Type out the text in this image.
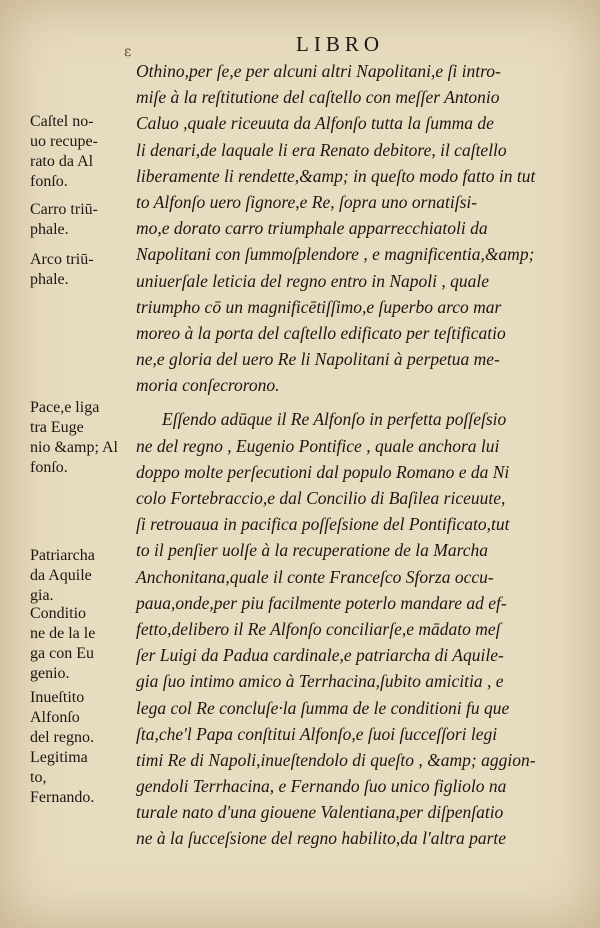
ε	LIBRO
Othino,per ſe,e per alcuni altri Napolitani,e ſi intro-
miſe à la reſtitutione del caſtello con meſſer Antonio
Caluo ,quale riceuuta da Alfonſo tutta la ſumma de
li denari,de laquale li era Renato debitore, il caſtello
liberamente li rendette,&amp; in queſto modo fatto in tut
to Alfonſo uero ſignore,e Re, ſopra uno ornatiſsi-
mo,e dorato carro triumphale apparrecchiatoli da
Napolitani con ſummoſplendore , e magnificentia,&amp;
uniuerſale leticia del regno entro in Napoli , quale
triumpho cō un magnificētiſſimo,e ſuperbo arco mar
moreo à la porta del caſtello edificato per teſtificatio
ne,e gloria del uero Re li Napolitani à perpetua me-
moria conſecrorono.
Eſſendo adūque il Re Alfonſo in perfetta poſſeſsio
ne del regno , Eugenio Pontifice , quale anchora lui
doppo molte perſecutioni dal populo Romano e da Ni
colo Fortebraccio,e dal Concilio di Baſilea riceuute,
ſi retrouaua in pacifica poſſeſsione del Pontificato,tut
to il penſier uolſe à la recuperatione de la Marcha
Anchonitana,quale il conte Franceſco Sforza occu-
paua,onde,per piu facilmente poterlo mandare ad ef-
fetto,delibero il Re Alfonſo conciliarſe,e mādato meſ
ſer Luigi da Padua cardinale,e patriarcha di Aquile-
gia ſuo intimo amico à Terrhacina,ſubito amicitia , e
lega col Re concluſe·la ſumma de le conditioni fu que
ſta,che'l Papa conſtitui Alfonſo,e ſuoi ſucceſſori legi
timi Re di Napoli,inueſtendolo di queſto , &amp; aggion-
gendoli Terrhacina, e Fernando ſuo unico figliolo na
turale nato d'una giouene Valentiana,per diſpenſatio
ne à la ſucceſsione del regno habilito,da l'altra parte
Caſtel no-
uo recupe-
rato da Al
fonſo.
Carro triū-
phale.
Arco triū-
phale.
Pace,e liga
tra Euge
nio &amp; Al
fonſo.
Patriarcha
da Aquile
gia.
Conditio
ne de la le
ga con Eu
genio.
Inueſtito
Alfonſo
del regno.
Legitima
to,
Fernando.
